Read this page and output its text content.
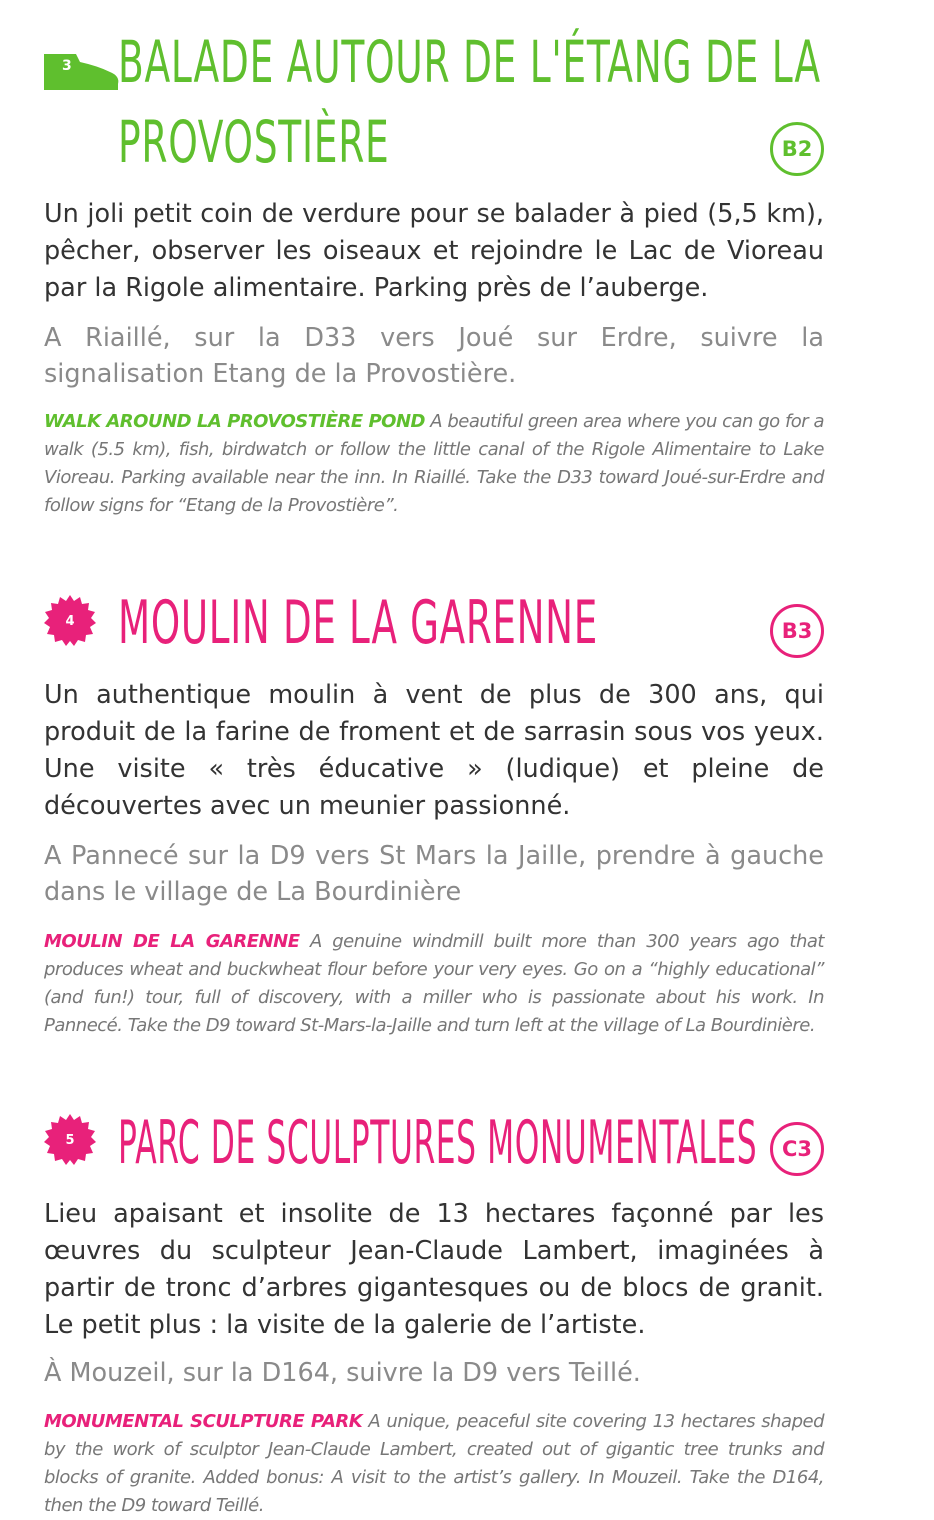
3 BALADE AUTOUR DE L'ÉTANG DE LA
PROVOSTIÈRE	B2

Un joli petit coin de verdure pour se balader à pied (5,5 km), pêcher, observer les oiseaux et rejoindre le Lac de Vioreau par la Rigole alimentaire. Parking près de l’auberge.

A Riaillé, sur la D33 vers Joué sur Erdre, suivre la signalisation Etang de la Provostière.

WALK AROUND LA PROVOSTIÈRE POND A beautiful green area where you can go for a walk (5.5 km), fish, birdwatch or follow the little canal of the Rigole Alimentaire to Lake Vioreau. Parking available near the inn. In Riaillé. Take the D33 toward Joué-sur-Erdre and follow signs for “Etang de la Provostière”.

4 MOULIN DE LA GARENNE	B3

Un authentique moulin à vent de plus de 300 ans, qui produit de la farine de froment et de sarrasin sous vos yeux. Une visite « très éducative » (ludique) et pleine de découvertes avec un meunier passionné.

A Pannecé sur la D9 vers St Mars la Jaille, prendre à gauche dans le village de La Bourdinière

MOULIN DE LA GARENNE A genuine windmill built more than 300 years ago that produces wheat and buckwheat flour before your very eyes. Go on a “highly educational” (and fun!) tour, full of discovery, with a miller who is passionate about his work. In Pannecé. Take the D9 toward St-Mars-la-Jaille and turn left at the village of La Bourdinière.

5 PARC DE SCULPTURES MONUMENTALES	C3

Lieu apaisant et insolite de 13 hectares façonné par les œuvres du sculpteur Jean-Claude Lambert, imaginées à partir de tronc d’arbres gigantesques ou de blocs de granit. Le petit plus : la visite de la galerie de l’artiste.

À Mouzeil, sur la D164, suivre la D9 vers Teillé.

MONUMENTAL SCULPTURE PARK A unique, peaceful site covering 13 hectares shaped by the work of sculptor Jean-Claude Lambert, created out of gigantic tree trunks and blocks of granite. Added bonus: A visit to the artist’s gallery. In Mouzeil. Take the D164, then the D9 toward Teillé.
